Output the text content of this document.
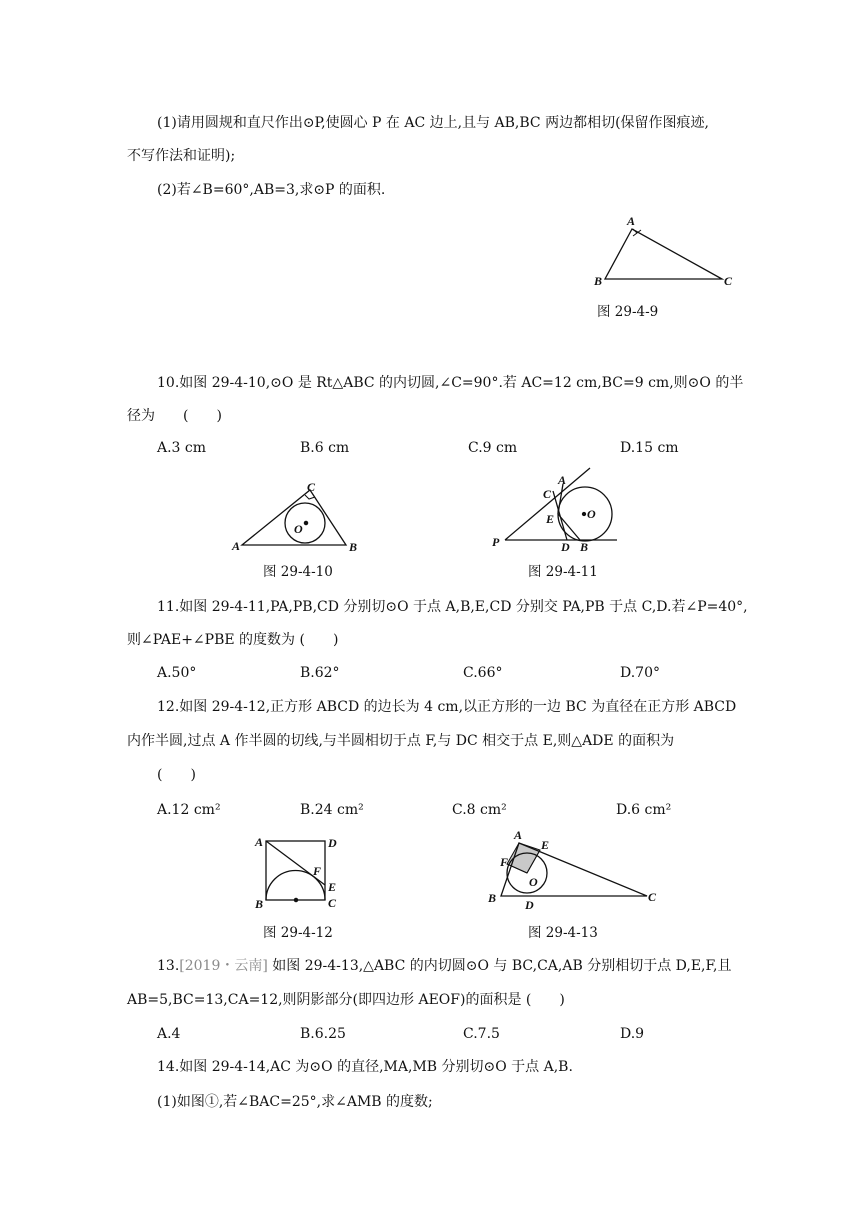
(1)请用圆规和直尺作出⊙P,使圆心 P 在 AC 边上,且与 AB,BC 两边都相切(保留作图痕迹,
不写作法和证明);
(2)若∠B=60°,AB=3,求⊙P 的面积.
A
B	C
图 29-4-9
10.如图 29-4-10,⊙O 是 Rt△ABC 的内切圆,∠C=90°.若 AC=12 cm,BC=9 cm,则⊙O 的半
径为　　(　　)
A.3 cm	B.6 cm	C.9 cm	D.15 cm
A	B
C
O
图 29-4-10
P
A
C
E	O
D B
图 29-4-11
11.如图 29-4-11,PA,PB,CD 分别切⊙O 于点 A,B,E,CD 分别交 PA,PB 于点 C,D.若∠P=40°,
则∠PAE+∠PBE 的度数为 (　　)
A.50°	B.62°	C.66°	D.70°
12.如图 29-4-12,正方形 ABCD 的边长为 4 cm,以正方形的一边 BC 为直径在正方形 ABCD
内作半圆,过点 A 作半圆的切线,与半圆相切于点 F,与 DC 相交于点 E,则△ADE 的面积为
(　　)
A.12 cm²	B.24 cm²	C.8 cm²	D.6 cm²
A	D
F
E
B	C
图 29-4-12
A
E
F
O
B D
C
图 29-4-13
13.[2019・云南] 如图 29-4-13,△ABC 的内切圆⊙O 与 BC,CA,AB 分别相切于点 D,E,F,且
AB=5,BC=13,CA=12,则阴影部分(即四边形 AEOF)的面积是 (　　)
A.4	B.6.25	C.7.5	D.9
14.如图 29-4-14,AC 为⊙O 的直径,MA,MB 分别切⊙O 于点 A,B.
(1)如图①,若∠BAC=25°,求∠AMB 的度数;
